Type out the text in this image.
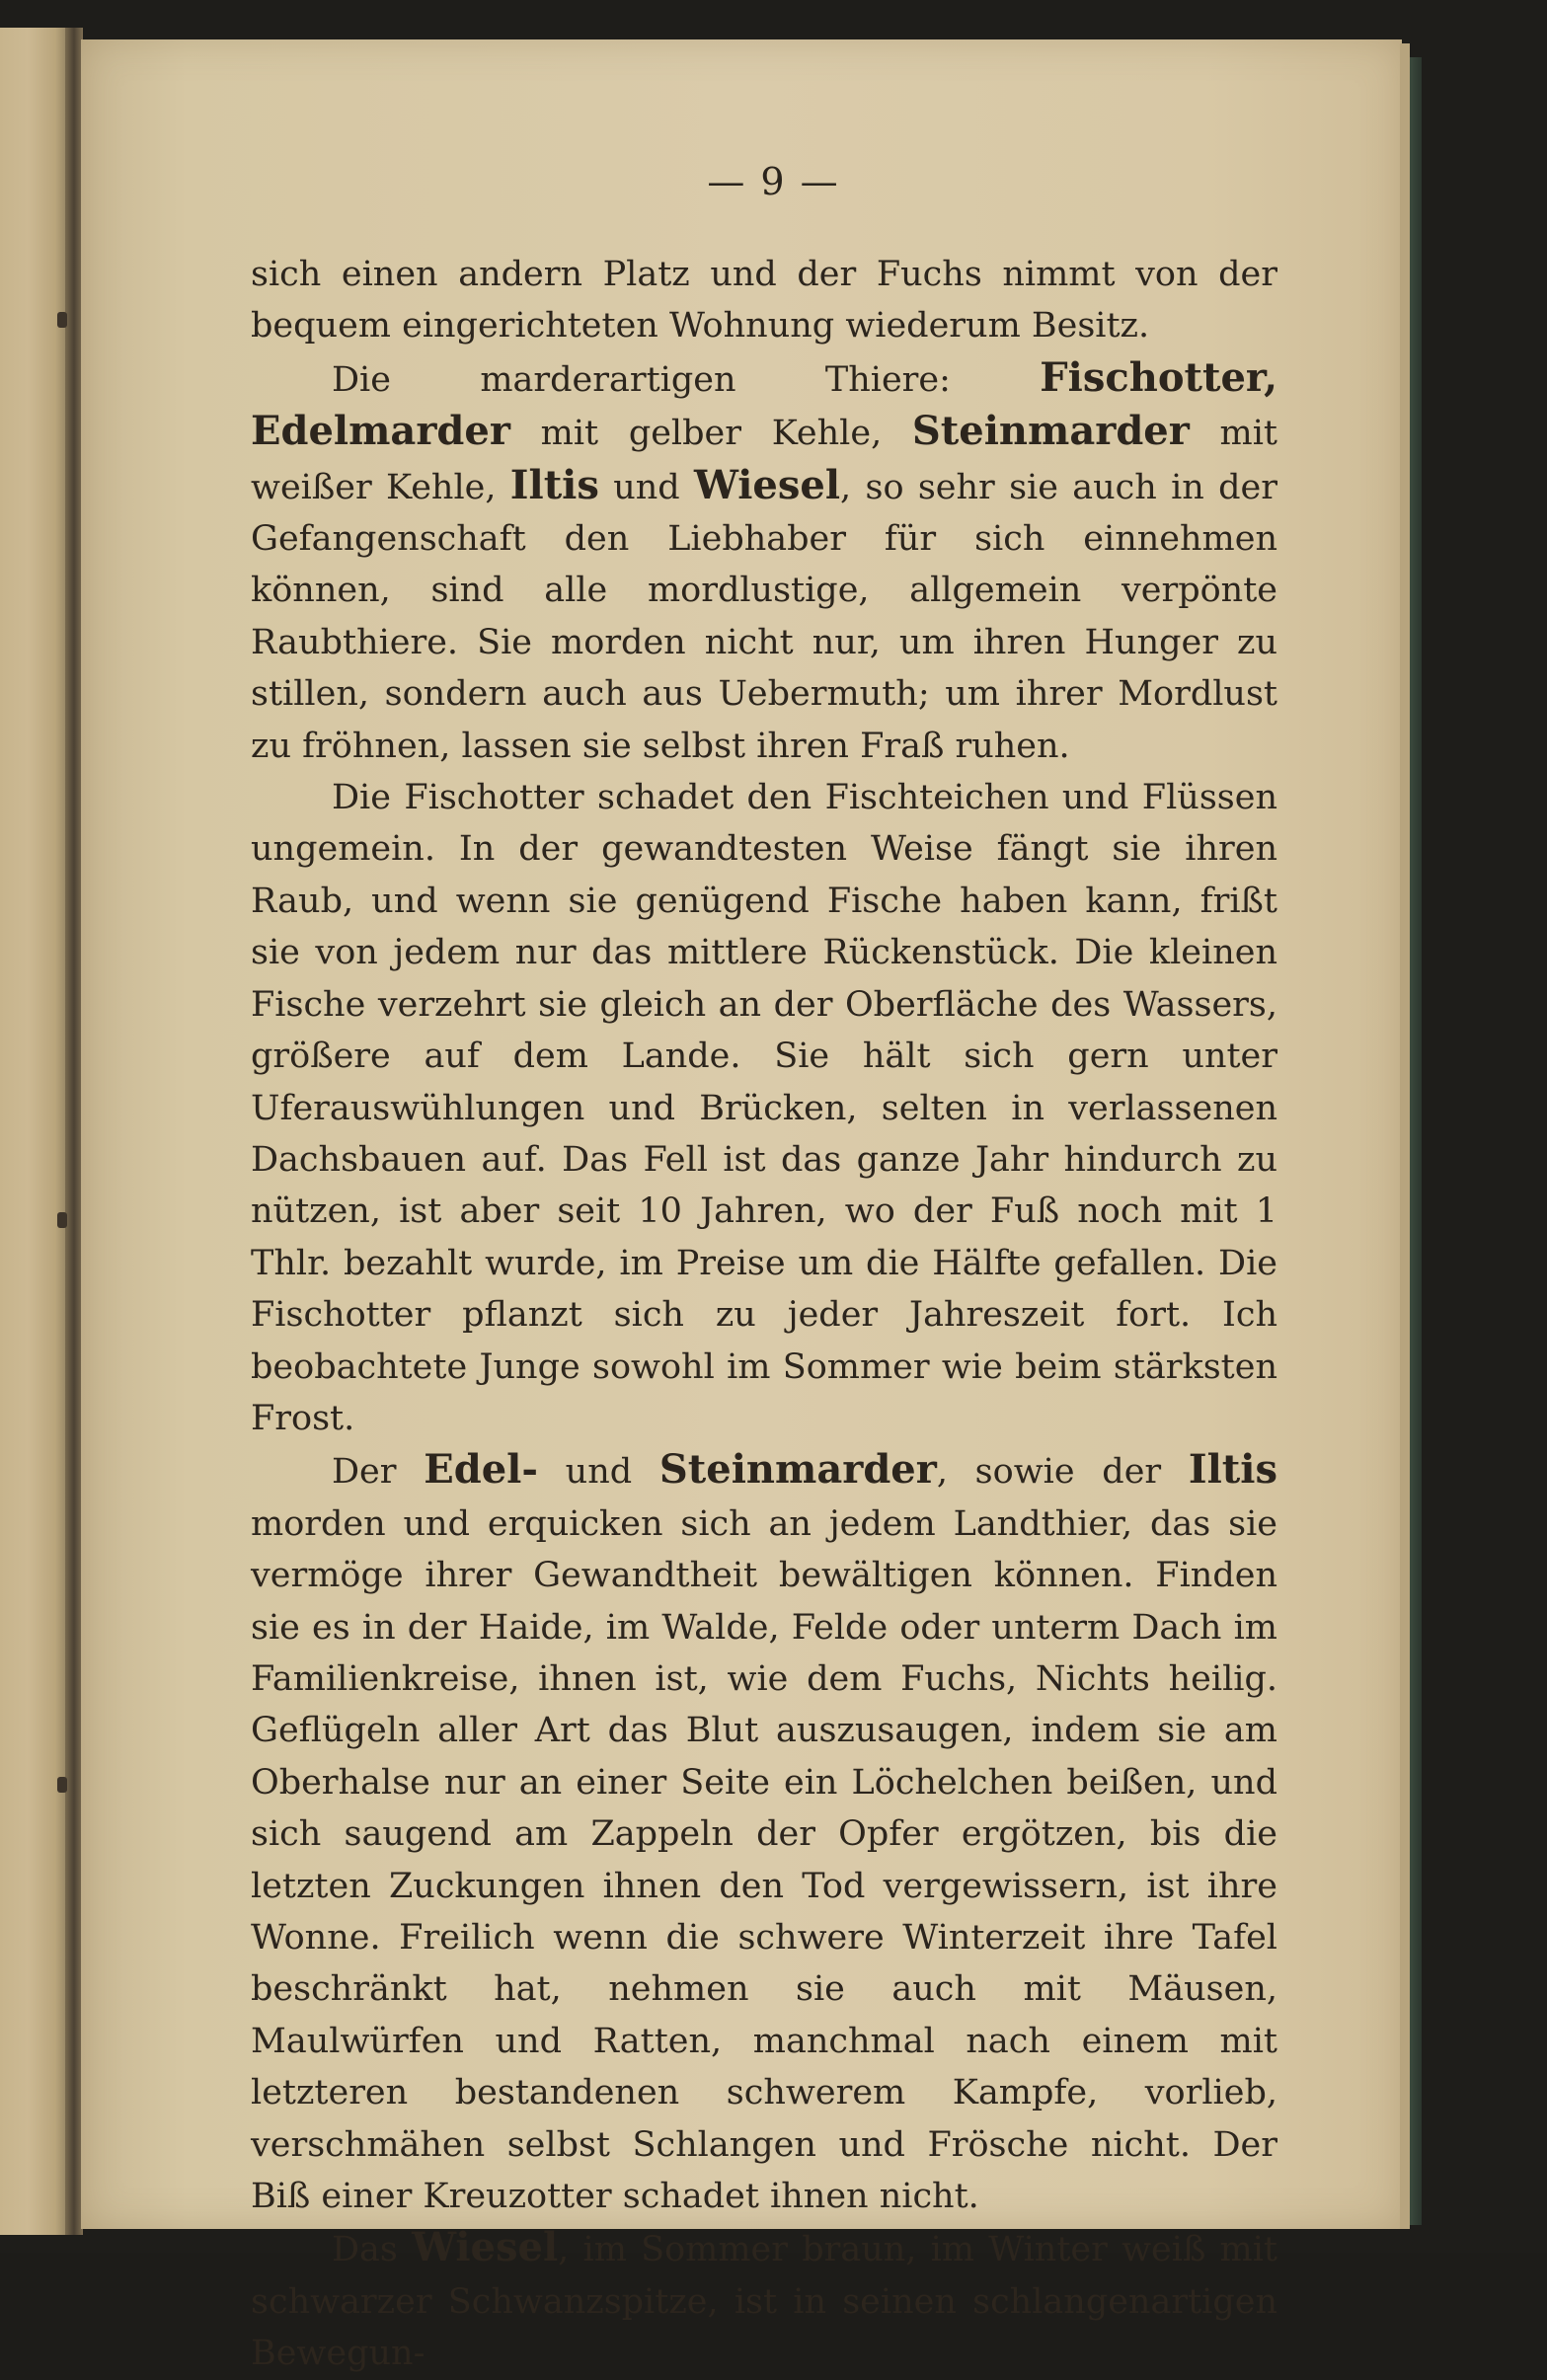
— 9 —

sich einen andern Platz und der Fuchs nimmt von der bequem eingerichteten Wohnung wiederum Besitz.

Die marderartigen Thiere: Fischotter, Edelmarder mit gelber Kehle, Steinmarder mit weißer Kehle, Iltis und Wiesel, so sehr sie auch in der Gefangenschaft den Liebhaber für sich einnehmen können, sind alle mordlustige, allgemein verpönte Raubthiere. Sie morden nicht nur, um ihren Hunger zu stillen, sondern auch aus Uebermuth; um ihrer Mordlust zu fröhnen, lassen sie selbst ihren Fraß ruhen.

Die Fischotter schadet den Fischteichen und Flüssen ungemein. In der gewandtesten Weise fängt sie ihren Raub, und wenn sie genügend Fische haben kann, frißt sie von jedem nur das mittlere Rückenstück. Die kleinen Fische verzehrt sie gleich an der Oberfläche des Wassers, größere auf dem Lande. Sie hält sich gern unter Uferauswühlungen und Brücken, selten in verlassenen Dachsbauen auf. Das Fell ist das ganze Jahr hindurch zu nützen, ist aber seit 10 Jahren, wo der Fuß noch mit 1 Thlr. bezahlt wurde, im Preise um die Hälfte gefallen. Die Fischotter pflanzt sich zu jeder Jahreszeit fort. Ich beobachtete Junge sowohl im Sommer wie beim stärksten Frost.

Der Edel- und Steinmarder, sowie der Iltis morden und erquicken sich an jedem Landthier, das sie vermöge ihrer Gewandtheit bewältigen können. Finden sie es in der Haide, im Walde, Felde oder unterm Dach im Familienkreise, ihnen ist, wie dem Fuchs, Nichts heilig. Geflügeln aller Art das Blut auszusaugen, indem sie am Oberhalse nur an einer Seite ein Löchelchen beißen, und sich saugend am Zappeln der Opfer ergötzen, bis die letzten Zuckungen ihnen den Tod vergewissern, ist ihre Wonne. Freilich wenn die schwere Winterzeit ihre Tafel beschränkt hat, nehmen sie auch mit Mäusen, Maulwürfen und Ratten, manchmal nach einem mit letzteren bestandenen schwerem Kampfe, vorlieb, verschmähen selbst Schlangen und Frösche nicht. Der Biß einer Kreuzotter schadet ihnen nicht.

Das Wiesel, im Sommer braun, im Winter weiß mit schwarzer Schwanzspitze, ist in seinen schlangenartigen Bewegun-
